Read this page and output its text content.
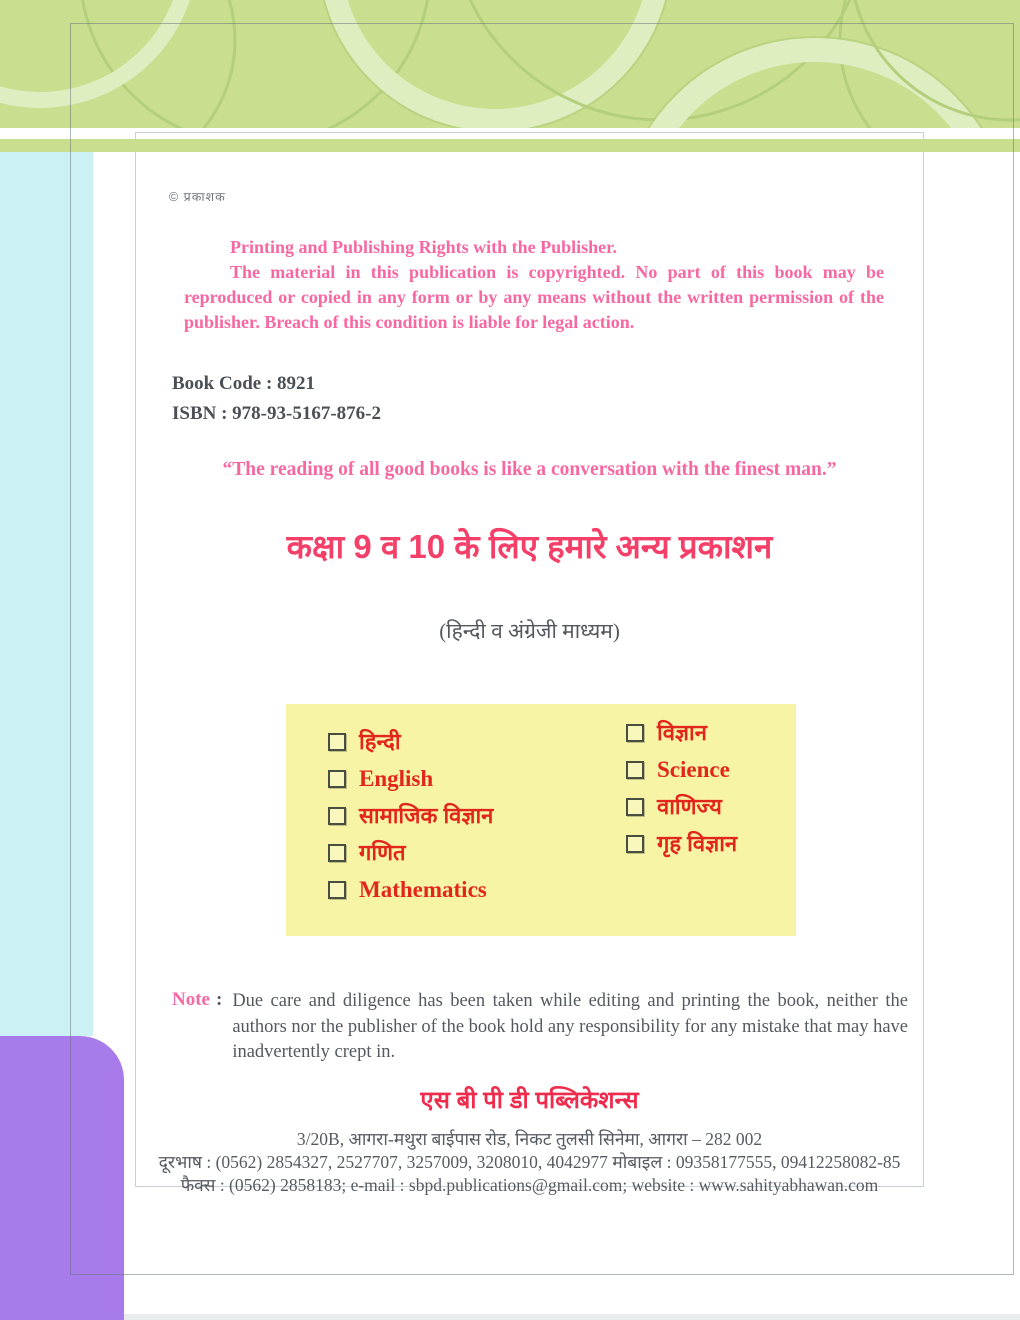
© प्रकाशक

Printing and Publishing Rights with the Publisher.

The material in this publication is copyrighted. No part of this book may be reproduced or copied in any form or by any means without the written permission of the publisher. Breach of this condition is liable for legal action.

Book Code : 8921
ISBN : 978-93-5167-876-2
“The reading of all good books is like a conversation with the finest man.”
कक्षा 9 व 10 के लिए हमारे अन्य प्रकाशन
(हिन्दी व अंग्रेजी माध्यम)
हिन्दी
English
सामाजिक विज्ञान
गणित
Mathematics
विज्ञान
Science
वाणिज्य
गृह विज्ञान
Note : Due care and diligence has been taken while editing and printing the book, neither the authors nor the publisher of the book hold any responsibility for any mistake that may have inadvertently crept in.

एस बी पी डी पब्लिकेशन्स
3/20B, आगरा-मथुरा बाईपास रोड, निकट तुलसी सिनेमा, आगरा – 282 002
दूरभाष : (0562) 2854327, 2527707, 3257009, 3208010, 4042977 मोबाइल : 09358177555, 09412258082-85
फैक्स : (0562) 2858183; e-mail : sbpd.publications@gmail.com; website : www.sahityabhawan.com
